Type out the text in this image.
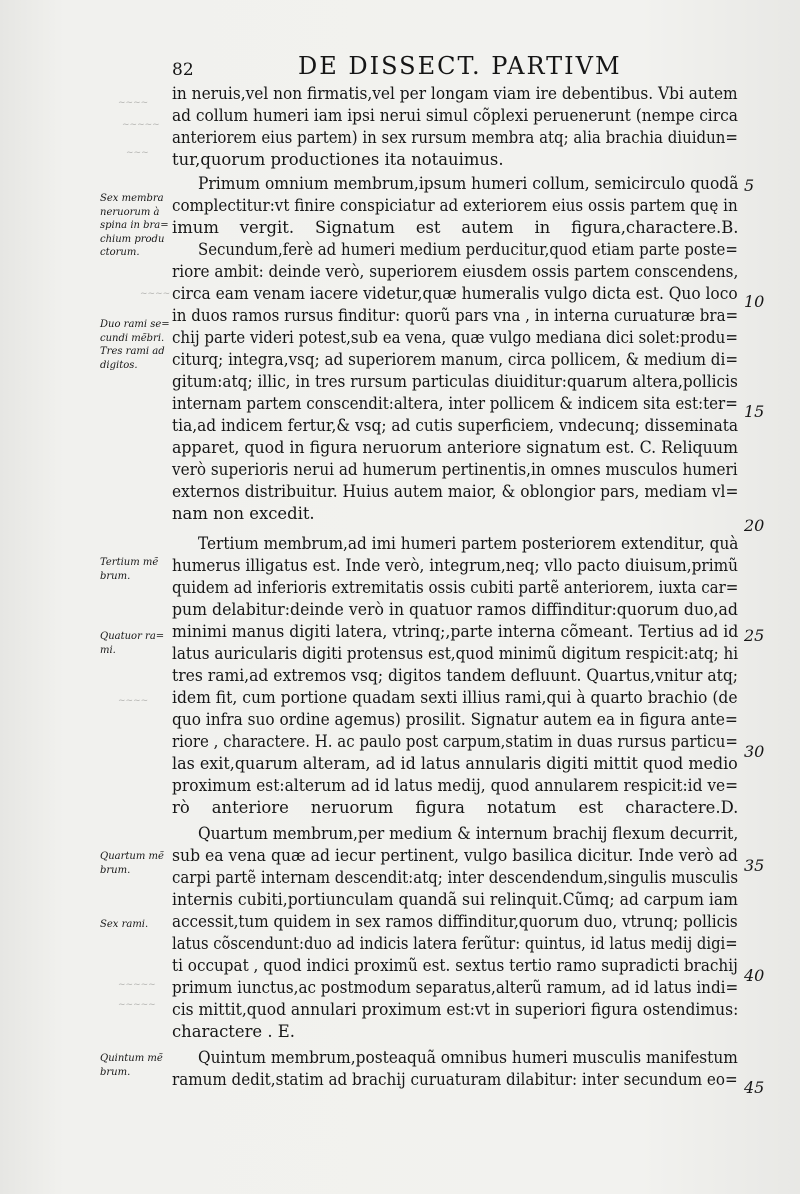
82	DE DISSECT. PARTIVM
~~~~
~~~~~
~~~
~~~~
~~~~
~~~~~
~~~~~
in neruis,vel non firmatis,vel per longam viam ire debentibus. Vbi autem
ad collum humeri iam ipsi nerui simul cõplexi peruenerunt (nempe circa
anteriorem eius partem) in sex rursum membra atq; alia brachia diuidun=
tur,quorum productiones ita notauimus.
Primum omnium membrum,ipsum humeri collum, semicirculo quodã
complectitur:vt finire conspiciatur ad exteriorem eius ossis partem quę in
imum vergit. Signatum est autem in figura,charactere.B.
Secundum,ferè ad humeri medium perducitur,quod etiam parte poste=
riore ambit: deinde verò, superiorem eiusdem ossis partem conscendens,
circa eam venam iacere videtur,quæ humeralis vulgo dicta est. Quo loco
in duos ramos rursus finditur: quorũ pars vna , in interna curuaturæ bra=
chij parte videri potest,sub ea vena, quæ vulgo mediana dici solet:produ=
citurq; integra,vsq; ad superiorem manum, circa pollicem, & medium di=
gitum:atq; illic, in tres rursum particulas diuiditur:quarum altera,pollicis
internam partem conscendit:altera, inter pollicem & indicem sita est:ter=
tia,ad indicem fertur,& vsq; ad cutis superficiem, vndecunq; disseminata
apparet, quod in figura neruorum anteriore signatum est. C. Reliquum
verò superioris nerui ad humerum pertinentis,in omnes musculos humeri
externos distribuitur. Huius autem maior, & oblongior pars, mediam vl=
nam non excedit.
Tertium membrum,ad imi humeri partem posteriorem extenditur, quà
humerus illigatus est. Inde verò, integrum,neq; vllo pacto diuisum,primũ
quidem ad inferioris extremitatis ossis cubiti partẽ anteriorem, iuxta car=
pum delabitur:deinde verò in quatuor ramos diffinditur:quorum duo,ad
minimi manus digiti latera, vtrinq;,parte interna cõmeant. Tertius ad id
latus auricularis digiti protensus est,quod minimũ digitum respicit:atq; hi
tres rami,ad extremos vsq; digitos tandem defluunt. Quartus,vnitur atq;
idem fit, cum portione quadam sexti illius rami,qui à quarto brachio (de
quo infra suo ordine agemus) prosilit. Signatur autem ea in figura ante=
riore , charactere. H. ac paulo post carpum,statim in duas rursus particu=
las exit,quarum alteram, ad id latus annularis digiti mittit quod medio
proximum est:alterum ad id latus medij, quod annularem respicit:id ve=
rò anteriore neruorum figura notatum est charactere.D.
Quartum membrum,per medium & internum brachij flexum decurrit,
sub ea vena quæ ad iecur pertinent, vulgo basilica dicitur. Inde verò ad
carpi partẽ internam descendit:atq; inter descendendum,singulis musculis
internis cubiti,portiunculam quandã sui relinquit.Cũmq; ad carpum iam
accessit,tum quidem in sex ramos diffinditur,quorum duo, vtrunq; pollicis
latus cõscendunt:duo ad indicis latera ferũtur: quintus, id latus medij digi=
ti occupat , quod indici proximũ est. sextus tertio ramo supradicti brachij
primum iunctus,ac postmodum separatus,alterũ ramum, ad id latus indi=
cis mittit,quod annulari proximum est:vt in superiori figura ostendimus:
charactere . E.
Quintum membrum,posteaquã omnibus humeri musculis manifestum
ramum dedit,statim ad brachij curuaturam dilabitur: inter secundum eo=
Sex membra
neruorum à
spina in bra=
chium produ
ctorum.
Duo rami se=
cundi mẽbri.
Tres rami ad
digitos.
Tertium mẽ
brum.
Quatuor ra=
mi.
Quartum mẽ
brum.
Sex rami.
Quintum mẽ
brum.
5
10
15
20
25
30
35
40
45
